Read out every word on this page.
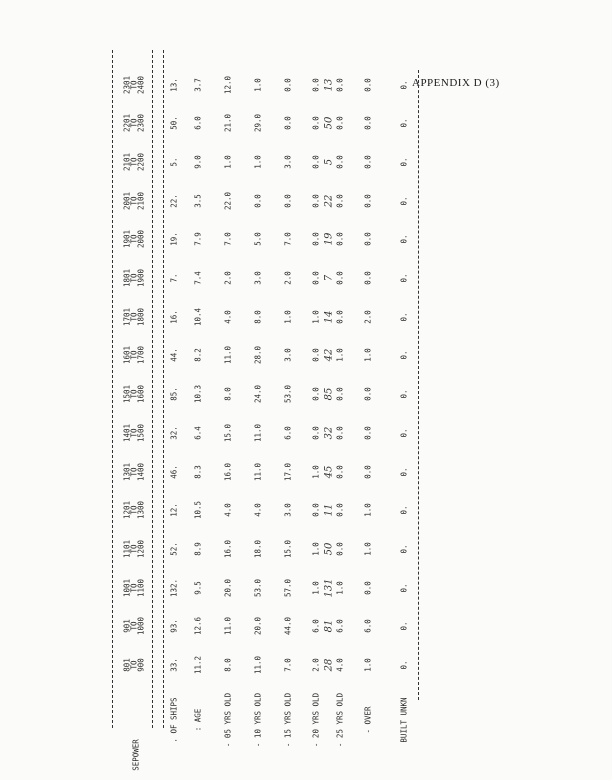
APPENDIX D (3)
SEPOWER
801
TO
900
901
TO
1000
1001
TO
1100
1101
TO
1200
1201
TO
1300
1301
TO
1400
1401
TO
1500
1501
TO
1600
1601
TO
1700
1701
TO
1800
1801
TO
1900
1901
TO
2000
2001
TO
2100
2101
TO
2200
2201
TO
2300
2301
TO
2400
. OF SHIPS
33.
93.
132.
52.
12.
46.
32.
85.
44.
16.
7.
19.
22.
5.
50.
13.
: AGE
11.2
12.6
9.5
8.9
10.5
8.3
6.4
10.3
8.2
10.4
7.4
7.9
3.5
9.0
6.0
3.7
- 05 YRS OLD
8.0
11.0
20.0
16.0
4.0
16.0
15.0
8.0
11.0
4.0
2.0
7.0
22.0
1.0
21.0
12.0
- 10 YRS OLD
11.0
20.0
53.0
18.0
4.0
11.0
11.0
24.0
28.0
8.0
3.0
5.0
0.0
1.0
29.0
1.0
- 15 YRS OLD
7.0
44.0
57.0
15.0
3.0
17.0
6.0
53.0
3.0
1.0
2.0
7.0
0.0
3.0
0.0
0.0
- 20 YRS OLD
2.0
6.0
1.0
1.0
0.0
1.0
0.0
0.0
0.0
1.0
0.0
0.0
0.0
0.0
0.0
0.0
- 25 YRS OLD
4.0
6.0
1.0
0.0
0.0
0.0
0.0
0.0
1.0
0.0
0.0
0.0
0.0
0.0
0.0
0.0
- OVER
1.0
6.0
0.0
1.0
1.0
0.0
0.0
0.0
1.0
2.0
0.0
0.0
0.0
0.0
0.0
0.0
BUILT UNKN
0.
0.
0.
0.
0.
0.
0.
0.
0.
0.
0.
0.
0.
0.
0.
0.
28
81
131
50
11
45
32
85
42
14
7
19
22
5
50
13
